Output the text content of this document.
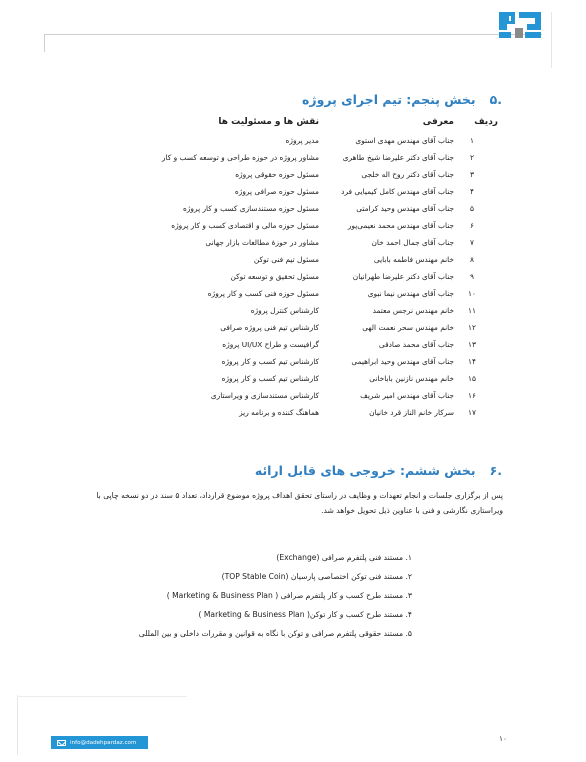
.۵بخش پنجم: تیم اجرای پروژه
ردیف
معرفی
نقش ها و مسئولیت ها
۱
جناب آقای مهندس مهدی استوی
مدیر پروژه
۲
جناب آقای دکتر علیرضا شیخ طاهری
مشاور پروژه در حوزه طراحی و توسعه کسب و کار
۳
جناب آقای دکتر روح اله خلجی
مسئول حوزه حقوقی پروژه
۴
جناب آقای مهندس کامل کیمیایی فرد
مسئول حوزه صرافی پروژه
۵
جناب آقای مهندس وحید کرامتی
مسئول حوزه مستندسازی کسب و کار پروژه
۶
جناب آقای مهندس محمد نعیمی‌پور
مسئول حوزه مالی و اقتصادی کسب و کار پروژه
۷
جناب آقای جمال احمد خان
مشاور در حوزهٔ مطالعات بازار جهانی
۸
خانم مهندس فاطمه بابایی
مسئول تیم فنی توکن
۹
جناب آقای دکتر علیرضا طهرانیان
مسئول تحقیق و توسعه توکن
۱۰
جناب آقای مهندس نیما نبوی
مسئول حوزه فنی کسب و کار پروژه
۱۱
خانم مهندس نرجس معتمد
کارشناس کنترل پروژه
۱۲
خانم مهندس سحر نعمت الهی
کارشناس تیم فنی پروژه صرافی
۱۳
جناب آقای محمد صادقی
گرافیست و طراح UI/UX پروژه
۱۴
جناب آقای مهندس وحید ابراهیمی
کارشناس تیم کسب و کار پروژه
۱۵
خانم مهندس نازنین باباخانی
کارشناس تیم کسب و کار پروژه
۱۶
جناب آقای مهندس امیر شریف
کارشناس مستندسازی و ویراستاری
۱۷
سرکار خانم الناز قرد خانیان
هماهنگ کننده و برنامه ریز
.۶بخش ششم: خروجی های قابل ارائه

پس از برگزاری جلسات و انجام تعهدات و وظایف در راستای تحقق اهداف پروژه موضوع قرارداد، تعداد ۵ سند در دو نسخه چاپی با ویراستاری نگارشی و فنی با عناوین ذیل تحویل خواهد شد.

۱. مستند فنی پلتفرم صرافی (Exchange)
۲. مستند فنی توکن اختصاصی پارسیان (TOP Stable Coin)
۳. مستند طرح کسب و کار پلتفرم صرافی ( Marketing & Business Plan )
۴. مستند طرح کسب و کار توکن( Marketing & Business Plan )
۵. مستند حقوقی پلتفرم صرافی و توکن با نگاه به قوانین و مقررات داخلی و بین المللی
info@dadehpardaz.com	۱۰
